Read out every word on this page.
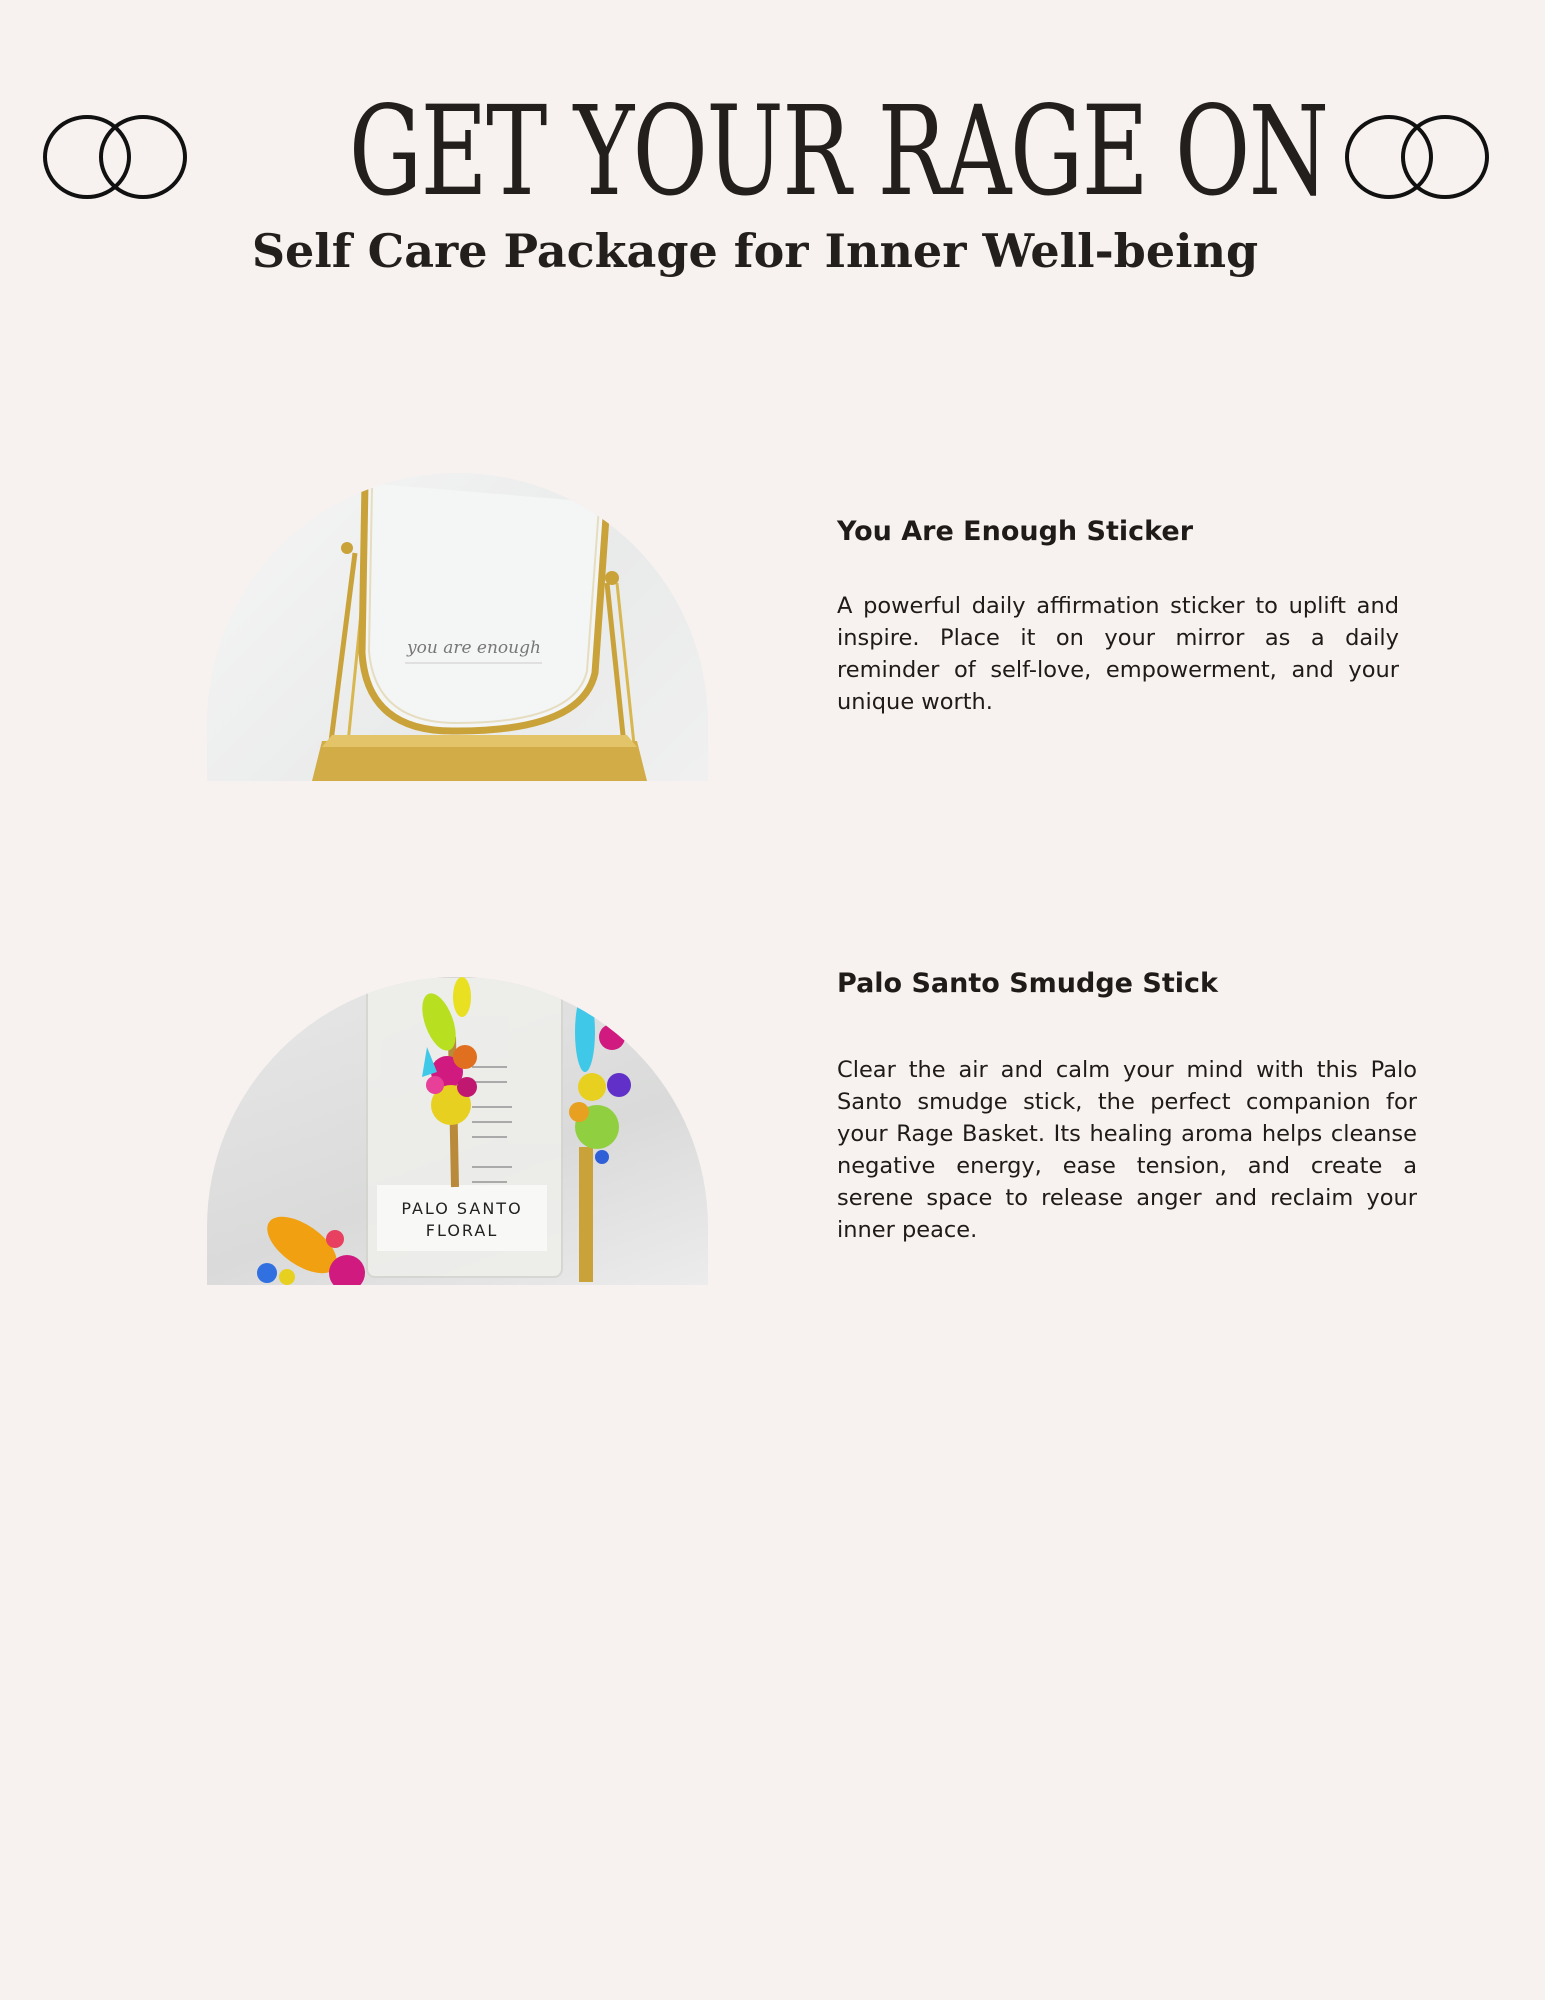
GET YOUR RAGE ON
Self Care Package for Inner Well-being
you are enough
You Are Enough Sticker

A powerful daily affirmation sticker to uplift and inspire. Place it on your mirror as a daily reminder of self-love, empowerment, and your unique worth.

PALO SANTO
FLORAL
Palo Santo Smudge Stick

Clear the air and calm your mind with this Palo Santo smudge stick, the perfect companion for your Rage Basket. Its healing aroma helps cleanse negative energy, ease tension, and create a serene space to release anger and reclaim your inner peace.
